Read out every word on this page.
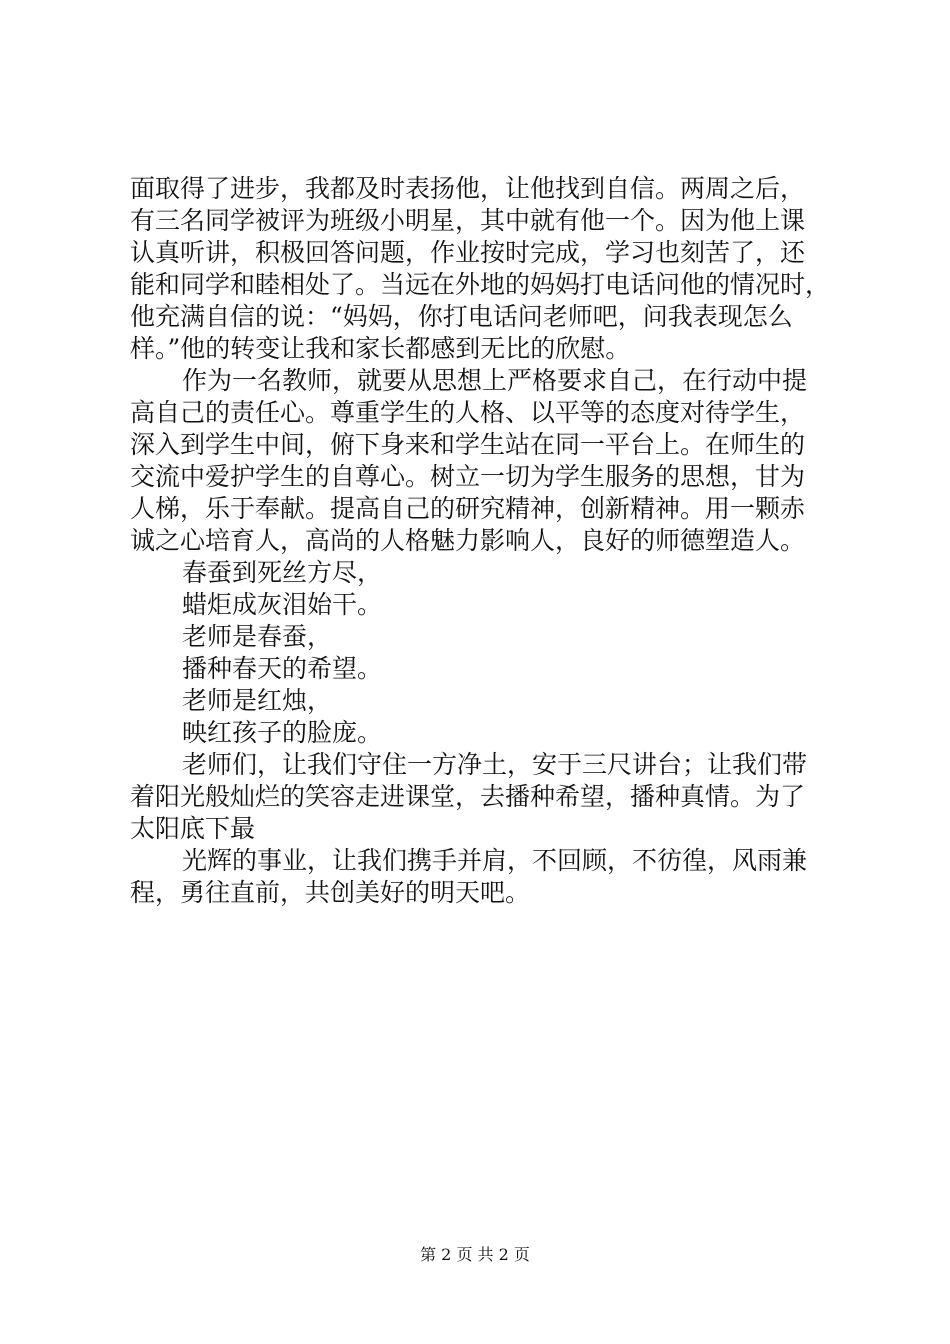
面取得了进步，我都及时表扬他，让他找到自信。两周之后，
有三名同学被评为班级小明星，其中就有他一个。因为他上课
认真听讲，积极回答问题，作业按时完成，学习也刻苦了，还
能和同学和睦相处了。当远在外地的妈妈打电话问他的情况时，
他充满自信的说：“妈妈，你打电话问老师吧，问我表现怎么
样。”他的转变让我和家长都感到无比的欣慰。
作为一名教师，就要从思想上严格要求自己，在行动中提
高自己的责任心。尊重学生的人格、以平等的态度对待学生，
深入到学生中间，俯下身来和学生站在同一平台上。在师生的
交流中爱护学生的自尊心。树立一切为学生服务的思想，甘为
人梯，乐于奉献。提高自己的研究精神，创新精神。用一颗赤
诚之心培育人，高尚的人格魅力影响人，良好的师德塑造人。
春蚕到死丝方尽，
蜡炬成灰泪始干。
老师是春蚕，
播种春天的希望。
老师是红烛，
映红孩子的脸庞。
老师们，让我们守住一方净土，安于三尺讲台；让我们带
着阳光般灿烂的笑容走进课堂，去播种希望，播种真情。为了
太阳底下最
光辉的事业，让我们携手并肩，不回顾，不彷徨，风雨兼
程，勇往直前，共创美好的明天吧。
第 2 页 共 2 页
